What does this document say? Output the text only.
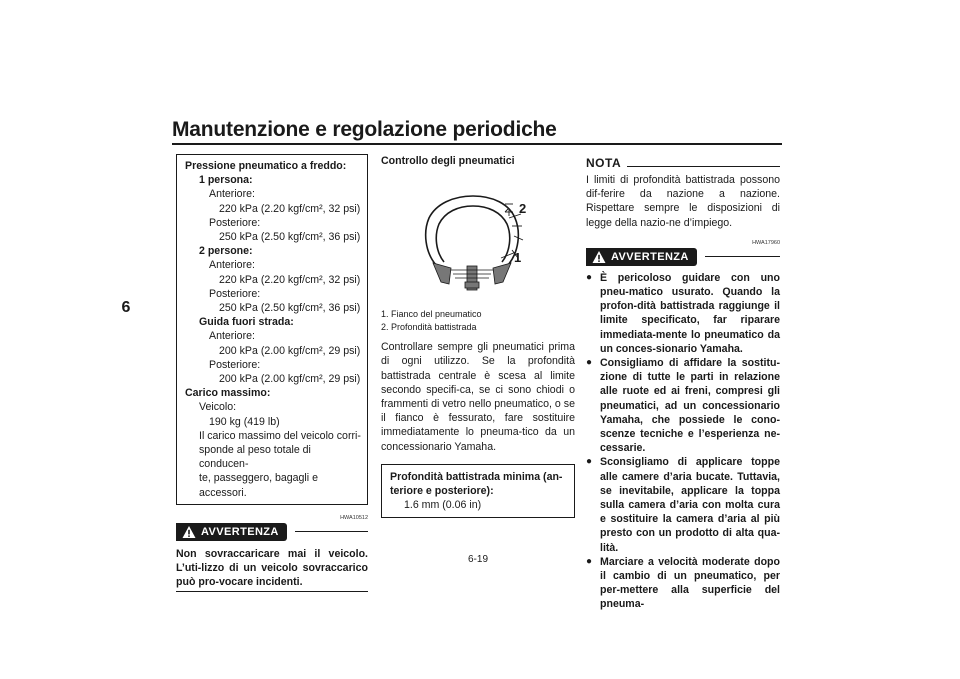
Manutenzione e regolazione periodiche
6
Pressione pneumatico a freddo:
1 persona:
Anteriore:
220 kPa (2.20 kgf/cm², 32 psi)
Posteriore:
250 kPa (2.50 kgf/cm², 36 psi)
2 persone:
Anteriore:
220 kPa (2.20 kgf/cm², 32 psi)
Posteriore:
250 kPa (2.50 kgf/cm², 36 psi)
Guida fuori strada:
Anteriore:
200 kPa (2.00 kgf/cm², 29 psi)
Posteriore:
200 kPa (2.00 kgf/cm², 29 psi)
Carico massimo:
Veicolo:
190 kg (419 lb)
Il carico massimo del veicolo corri-
sponde al peso totale di conducen-
te, passeggero, bagagli e accessori.
HWA10512
AVVERTENZA
Non sovraccaricare mai il veicolo. L’uti-lizzo di un veicolo sovraccarico può pro-vocare incidenti.
Controllo degli pneumatici
2
1
1. Fianco del pneumatico
2. Profondità battistrada
Controllare sempre gli pneumatici prima di ogni utilizzo. Se la profondità battistrada centrale è scesa al limite secondo specifi-ca, se ci sono chiodi o frammenti di vetro nello pneumatico, o se il fianco è fessurato, fare sostituire immediatamente lo pneuma-tico da un concessionario Yamaha.
Profondità battistrada minima (an-teriore e posteriore):
1.6 mm (0.06 in)
NOTA
I limiti di profondità battistrada possono dif-ferire da nazione a nazione. Rispettare sempre le disposizioni di legge della nazio-ne d’impiego.
HWA17960
AVVERTENZA
● È pericoloso guidare con uno pneu-matico usurato. Quando la profon-dità battistrada raggiunge il limite specificato, far riparare immediata-mente lo pneumatico da un conces-sionario Yamaha.
● Consigliamo di affidare la sostitu-zione di tutte le parti in relazione alle ruote ed ai freni, compresi gli pneumatici, ad un concessionario Yamaha, che possiede le cono-scenze tecniche e l’esperienza ne-cessarie.
● Sconsigliamo di applicare toppe alle camere d’aria bucate. Tuttavia, se inevitabile, applicare la toppa sulla camera d’aria con molta cura e sostituire la camera d’aria al più presto con un prodotto di alta qua-lità.
● Marciare a velocità moderate dopo il cambio di un pneumatico, per per-mettere alla superficie del pneuma-
6-19
